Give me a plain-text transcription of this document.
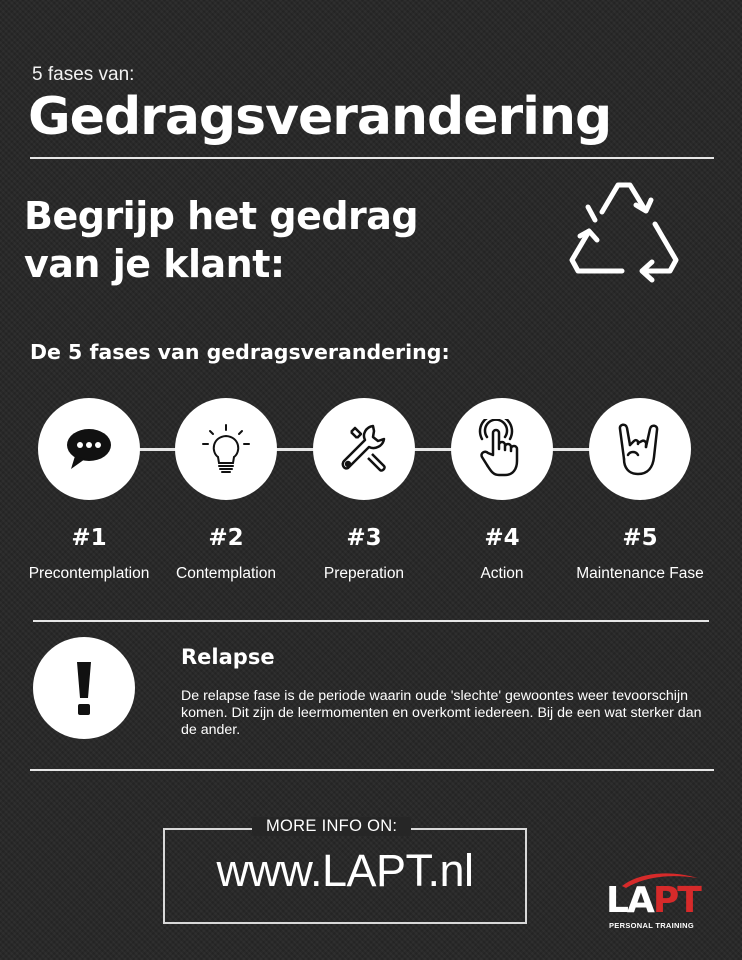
5 fases van:
Gedragsverandering
Begrijp het gedrag
van je klant:
De 5 fases van gedragsverandering:
#1
Precontemplation
#2
Contemplation
#3
Preperation
#4
Action
#5
Maintenance Fase
Relapse
De relapse fase is de periode waarin oude 'slechte' gewoontes weer tevoorschijn komen. Dit zijn de leermomenten en overkomt iedereen. Bij de een wat sterker dan de ander.
MORE INFO ON:
www.LAPT.nl
LAPT
PERSONAL TRAINING
